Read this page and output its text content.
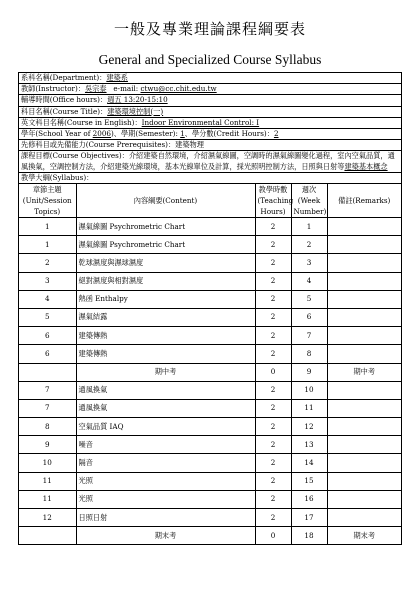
一般及專業理論課程綱要表
General and Specialized Course Syllabus
系科名稱(Department)：建築系
教師(Instructor)：吳宗泰 e-mail: ctwu@cc.chit.edu.tw
輔導時間(Office hours)：週五 13:20-15:10
科目名稱(Course Title)：建築環境控制(一)
英文科目名稱(Course in English)：Indoor Environmental Control: I
學年(School Year of 2006)、學期(Semester): 1、學分數(Credit Hours)：2
先修科目或先備能力(Course Prerequisites)：建築物理
課程目標(Course Objectives)：介紹建築自然環境，介紹濕氣線圖，空調時的濕氣線圖變化過程，室內空氣品質，通風換氣，空調控制方法，介紹建築光線環境，基本光線單位及計算，採光照明控制方法，日照與日射等建築基本概念
教學大綱(Syllabus)：
章節主題(Unit/Session Topics)	內容綱要(Content)	教學時數(Teaching Hours)	週次(Week Number)	備註(Remarks)
1	濕氣線圖 Psychrometric Chart	2	1	
1	濕氣線圖 Psychrometric Chart	2	2	
2	乾球濕度與濕球濕度	2	3	
3	絕對濕度與相對濕度	2	4	
4	熱函 Enthalpy	2	5	
5	濕氣結露	2	6	
6	建築傳熱	2	7	
6	建築傳熱	2	8	
	期中考	0	9	期中考
7	通風換氣	2	10	
7	通風換氣	2	11	
8	空氣品質 IAQ	2	12	
9	噪音	2	13	
10	隔音	2	14	
11	光照	2	15	
11	光照	2	16	
12	日照日射	2	17	
	期末考	0	18	期末考
